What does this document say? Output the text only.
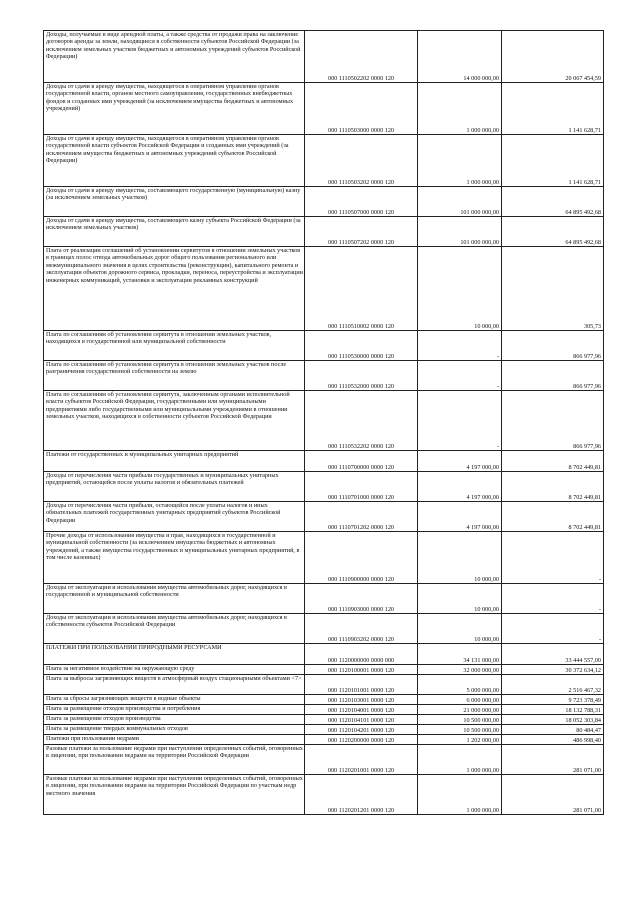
Доходы, получаемые в виде арендной платы, а также средства от продажи права на заключение договоров аренды за земли, находящиеся в собственности субъектов Российской Федерации (за исключением земельных участков бюджетных и автономных учреждений субъектов Российской Федерации)	000 1110502202 0000 120	14 000 000,00	20 067 454,59
Доходы от сдачи в аренду имущества, находящегося в оперативном управлении органов государственной власти, органов местного самоуправления, государственных внебюджетных фондов и созданных ими учреждений (за исключением имущества бюджетных и автономных учреждений)	000 1110503000 0000 120	1 000 000,00	1 141 628,71
Доходы от сдачи в аренду имущества, находящегося в оперативном управлении органов государственной власти субъектов Российской Федерации и созданных ими учреждений (за исключением имущества бюджетных и автономных учреждений субъектов Российской Федерации)	000 1110503202 0000 120	1 000 000,00	1 141 628,71
Доходы от сдачи в аренду имущества, составляющего государственную (муниципальную) казну (за исключением земельных участков)	000 1110507000 0000 120	101 000 000,00	64 895 492,68
Доходы от сдачи в аренду имущества, составляющего казну субъекта Российской Федерации (за исключением земельных участков)	000 1110507202 0000 120	101 000 000,00	64 895 492,68
Плата от реализации соглашений об установлении сервитутов в отношении земельных участков в границах полос отвода автомобильных дорог общего пользования регионального или межмуниципального значения в целях строительства (реконструкции), капитального ремонта и эксплуатации объектов дорожного сервиса, прокладки, переноса, переустройства и эксплуатации инженерных коммуникаций, установки и эксплуатации рекламных конструкций	000 1110510002 0000 120	10 000,00	305,73
Плата по соглашениям об установлении сервитута в отношении земельных участков, находящихся в государственной или муниципальной собственности	000 1110530000 0000 120	-	866 977,96
Плата по соглашениям об установлении сервитута в отношении земельных участков после разграничения государственной собственности на землю	000 1110532000 0000 120	-	866 977,96
Плата по соглашениям об установлении сервитута, заключенным органами исполнительной власти субъектов Российской Федерации, государственными или муниципальными предприятиями либо государственными или муниципальными учреждениями в отношении земельных участков, находящихся в собственности субъектов Российской Федерации	000 1110532202 0000 120	-	866 977,96
Платежи от государственных и муниципальных унитарных предприятий	000 1110700000 0000 120	4 197 000,00	8 702 449,81
Доходы от перечисления части прибыли государственных и муниципальных унитарных предприятий, остающейся после уплаты налогов и обязательных платежей	000 1110701000 0000 120	4 197 000,00	8 702 449,81
Доходы от перечисления части прибыли, остающейся после уплаты налогов и иных обязательных платежей государственных унитарных предприятий субъектов Российской Федерации	000 1110701202 0000 120	4 197 000,00	8 702 449,81
Прочие доходы от использования имущества и прав, находящихся в государственной и муниципальной собственности (за исключением имущества бюджетных и автономных учреждений, а также имущества государственных и муниципальных унитарных предприятий, в том числе казенных)	000 1110900000 0000 120	10 000,00	-
Доходы от эксплуатации и использования имущества автомобильных дорог, находящихся в государственной и муниципальной собственности	000 1110903000 0000 120	10 000,00	-
Доходы от эксплуатации и использования имущества автомобильных дорог, находящихся в собственности субъектов Российской Федерации	000 1110903202 0000 120	10 000,00	-
ПЛАТЕЖИ ПРИ ПОЛЬЗОВАНИИ ПРИРОДНЫМИ РЕСУРСАМИ	000 1120000000 0000 000	34 131 000,00	33 444 557,00
Плата за негативное воздействие на окружающую среду	000 1120100001 0000 120	32 000 000,00	30 372 634,12
Плата за выбросы загрязняющих веществ в атмосферный воздух стационарными объектами <7>	000 1120101001 0000 120	5 000 000,00	2 516 467,32
Плата за сбросы загрязняющих веществ в водные объекты	000 1120103001 0000 120	6 000 000,00	9 723 378,49
Плата за размещение отходов производства и потребления	000 1120104001 0000 120	21 000 000,00	18 132 788,31
Плата за размещение отходов производства	000 1120104101 0000 120	10 500 000,00	18 052 303,84
Плата за размещение твердых коммунальных отходов	000 1120104201 0000 120	10 500 000,00	80 484,47
Платежи при пользовании недрами	000 1120200000 0000 120	1 202 000,00	486 998,40
Разовые платежи за пользование недрами при наступлении определенных событий, оговоренных в лицензии, при пользовании недрами на территории Российской Федерации	000 1120201001 0000 120	1 000 000,00	281 071,00
Разовые платежи за пользование недрами при наступлении определенных событий, оговоренных в лицензии, при пользовании недрами на территории Российской Федерации по участкам недр местного значения	000 1120201201 0000 120	1 000 000,00	281 071,00
